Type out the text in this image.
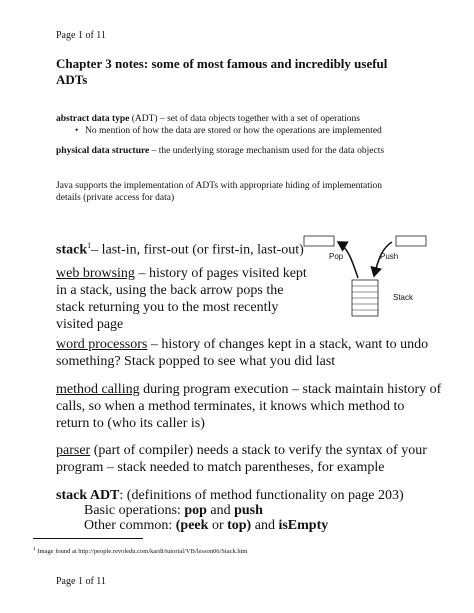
Page 1 of 11
Chapter 3 notes: some of most famous and incredibly useful
ADTs
abstract data type (ADT) – set of data objects together with a set of operations
• No mention of how the data are stored or how the operations are implemented
physical data structure – the underlying storage mechanism used for the data objects
Java supports the implementation of ADTs with appropriate hiding of implementation
details (private access for data)
stack$^1$– last-in, first-out (or first-in, last-out)	Pop	Push
Stack
web browsing – history of pages visited kept
in a stack, using the back arrow pops the
stack returning you to the most recently
visited page
word processors – history of changes kept in a stack, want to undo
something? Stack popped to see what you did last
method calling during program execution – stack maintain history of
calls, so when a method terminates, it knows which method to
return to (who its caller is)
parser (part of compiler) needs a stack to verify the syntax of your
program – stack needed to match parentheses, for example
stack ADT: (definitions of method functionality on page 203)
Basic operations: pop and push
Other common: (peek or top) and isEmpty
$^1$ Image found at http://people.revoledu.com/kardi/tutorial/VB/lesson06/Stack.htm
Page 1 of 11
